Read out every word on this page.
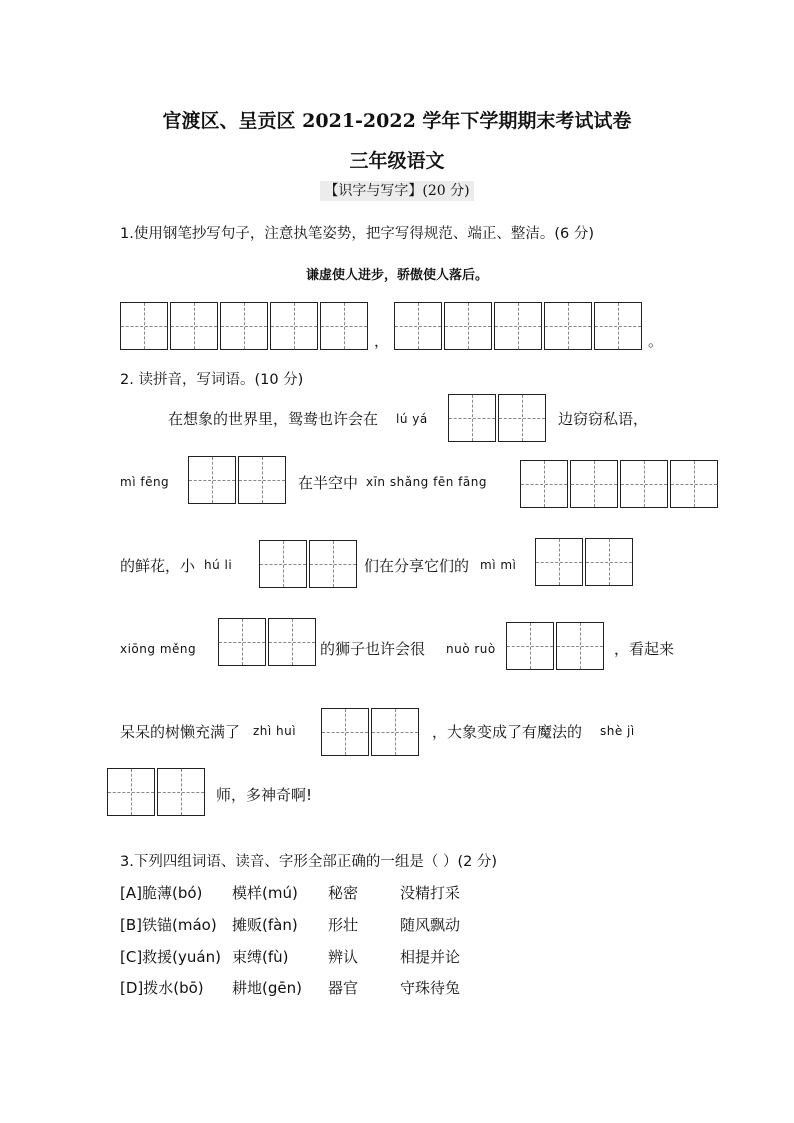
官渡区、呈贡区 2021-2022 学年下学期期末考试试卷
三年级语文
【识字与写字】(20 分)
1.使用钢笔抄写句子，注意执笔姿势，把字写得规范、端正、整洁。(6 分)
谦虚使人进步，骄傲使人落后。
，	。
2. 读拼音，写词语。(10 分)
在想象的世界里，鸳鸯也许会在 lú yá	边窃窃私语，
mì fēng	在半空中 xīn shǎng fēn fāng
的鲜花，小 hú li	们在分享它们的 mì mì
xiōng měng	的狮子也许会很 nuò ruò	，看起来
呆呆的树懒充满了 zhì huì	，大象变成了有魔法的 shè jì
师，多神奇啊!
3.下列四组词语、读音、字形全部正确的一组是（ ）(2 分)
[A]脆薄(bó) 模样(mú) 秘密	没精打采
[B]铁锚(máo) 摊贩(fàn) 形壮	随风飘动
[C]救援(yuán) 束缚(fù)	辨认	相提并论
[D]拨水(bō) 耕地(gēn) 器官	守珠待兔
